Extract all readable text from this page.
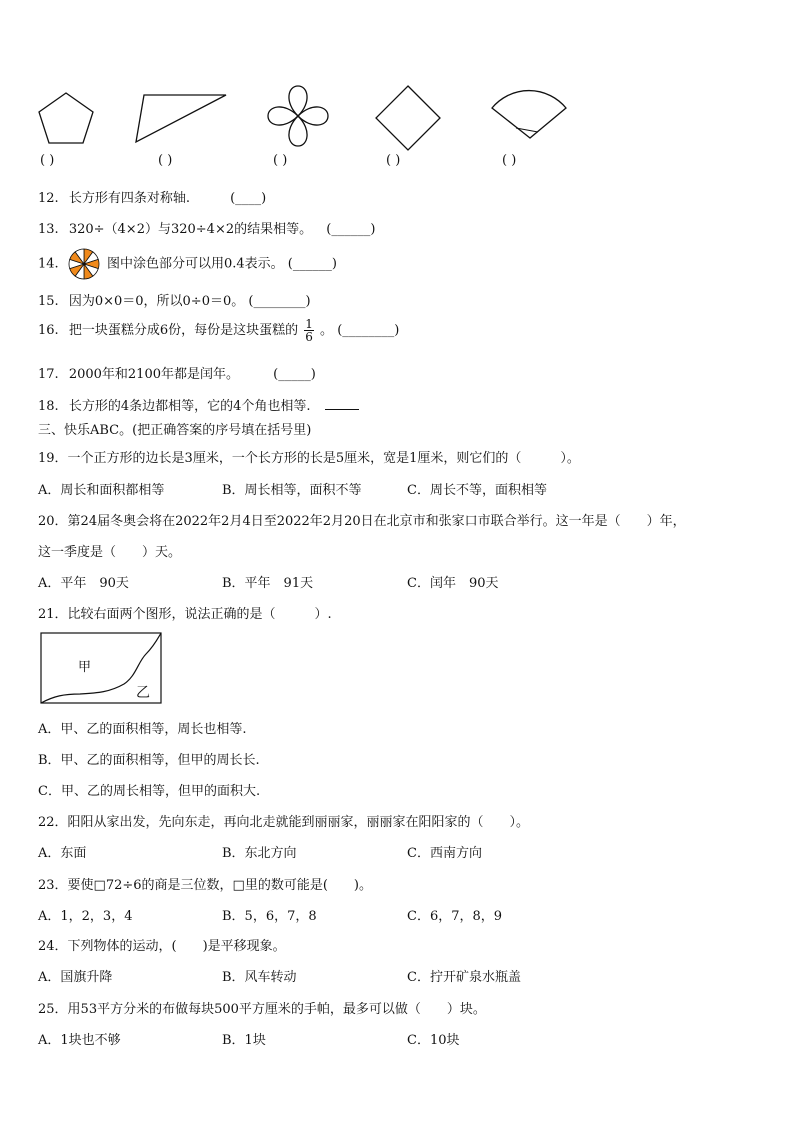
( )	( )	( )	( )	( )
12. 长方形有四条对称轴.	(____)
13. 320÷（4×2）与320÷4×2的结果相等。 (______)
14.	图中涂色部分可以用0.4表示。 (______)
15. 因为0×0＝0，所以0÷0＝0。 (________)
16. 把一块蛋糕分成6份，每份是这块蛋糕的 $\frac{1}{6}$ 。 (________)
17. 2000年和2100年都是闰年。	(_____)
18. 长方形的4条边都相等，它的4个角也相等.
三、快乐ABC。(把正确答案的序号填在括号里)
19．一个正方形的边长是3厘米，一个长方形的长是5厘米，宽是1厘米，则它们的（　　　）。
A．周长和面积都相等	B．周长相等，面积不等	C．周长不等，面积相等
20．第24届冬奥会将在2022年2月4日至2022年2月20日在北京市和张家口市联合举行。这一年是（　　）年，
这一季度是（　　）天。
A．平年　90天	B．平年　91天	C．闰年　90天
21．比较右面两个图形，说法正确的是（　　　）.
甲
乙
A．甲、乙的面积相等，周长也相等.
B．甲、乙的面积相等，但甲的周长长.
C．甲、乙的周长相等，但甲的面积大.
22．阳阳从家出发，先向东走，再向北走就能到丽丽家，丽丽家在阳阳家的（　　）。
A．东面	B．东北方向	C．西南方向
23．要使□72÷6的商是三位数，□里的数可能是(　　)。
A．1，2，3，4	B．5，6，7，8	C．6，7，8，9
24．下列物体的运动，(　　)是平移现象。
A．国旗升降	B．风车转动	C．拧开矿泉水瓶盖
25．用53平方分米的布做每块500平方厘米的手帕，最多可以做（　　）块。
A．1块也不够	B．1块	C．10块
